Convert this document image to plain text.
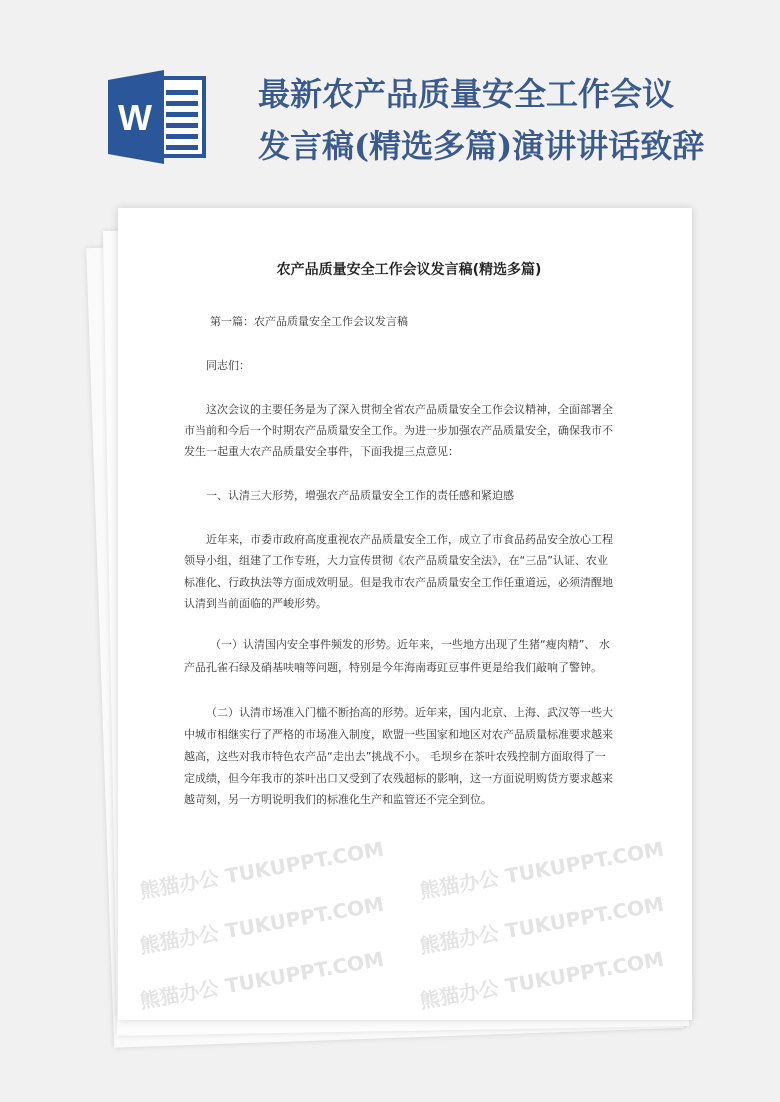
W
最新农产品质量安全工作会议
发言稿(精选多篇)演讲讲话致辞
农产品质量安全工作会议发言稿(精选多篇)
第一篇：农产品质量安全工作会议发言稿
同志们：
这次会议的主要任务是为了深入贯彻全省农产品质量安全工作会议精神，全面部署全
市当前和今后一个时期农产品质量安全工作。为进一步加强农产品质量安全，确保我市不
发生一起重大农产品质量安全事件，下面我提三点意见：
一、认清三大形势，增强农产品质量安全工作的责任感和紧迫感
近年来，市委市政府高度重视农产品质量安全工作，成立了市食品药品安全放心工程
领导小组，组建了工作专班，大力宣传贯彻《农产品质量安全法》，在“三品”认证、农业
标准化、行政执法等方面成效明显。但是我市农产品质量安全工作任重道远，必须清醒地
认清到当前面临的严峻形势。
（一）认清国内安全事件频发的形势。近年来，一些地方出现了生猪“瘦肉精”、 水
产品孔雀石绿及硝基呋喃等问题，特别是今年海南毒豇豆事件更是给我们敲响了警钟。
（二）认清市场准入门槛不断抬高的形势。近年来，国内北京、上海、武汉等一些大
中城市相继实行了严格的市场准入制度，欧盟一些国家和地区对农产品质量标准要求越来
越高，这些对我市特色农产品“走出去”挑战不小。 毛坝乡在茶叶农残控制方面取得了一
定成绩，但今年我市的茶叶出口又受到了农残超标的影响，这一方面说明购货方要求越来
越苛刻，另一方明说明我们的标准化生产和监管还不完全到位。
熊猫办公 TUKUPPT.COM 熊猫办公 TUKUPPT.COM
熊猫办公 TUKUPPT.COM 熊猫办公 TUKUPPT.COM
熊猫办公 TUKUPPT.COM 熊猫办公 TUKUPPT.COM
